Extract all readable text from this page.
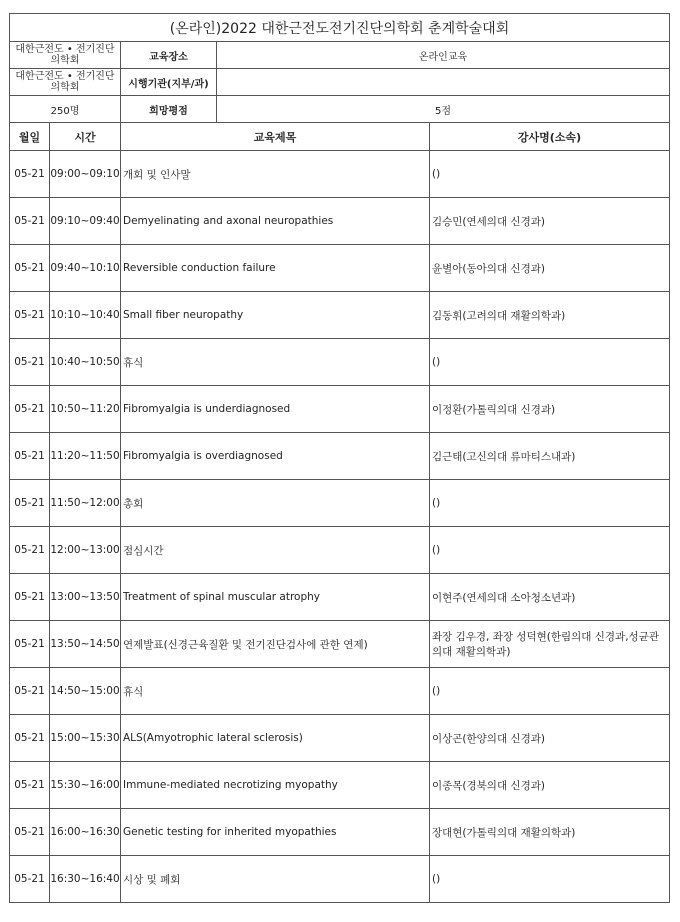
(온라인)2022 대한근전도전기진단의학회 춘계학술대회		
대한근전도 • 전기진단 의학회	교육장소	온라인교육
대한근전도 • 전기진단 의학회	시행기관(지부/과)	
250명	희망평점	5점
월일	시간	교육제목	강사명(소속)
05-21	09:00~09:10	개회 및 인사말	()
05-21	09:10~09:40	Demyelinating and axonal neuropathies	김승민(연세의대 신경과)
05-21	09:40~10:10	Reversible conduction failure	윤별아(동아의대 신경과)
05-21	10:10~10:40	Small fiber neuropathy	김동휘(고려의대 재활의학과)
05-21	10:40~10:50	휴식	()
05-21	10:50~11:20	Fibromyalgia is underdiagnosed	이정환(가톨릭의대 신경과)
05-21	11:20~11:50	Fibromyalgia is overdiagnosed	김근태(고신의대 류마티스내과)
05-21	11:50~12:00	총회	()
05-21	12:00~13:00	점심시간	()
05-21	13:00~13:50	Treatment of spinal muscular atrophy	이현주(연세의대 소아청소년과)
05-21	13:50~14:50	연제발표(신경근육질환 및 전기진단검사에 관한 연제)	좌장 김우경, 좌장 성덕현(한림의대 신경과,성균관의대 재활의학과)
05-21	14:50~15:00	휴식	()
05-21	15:00~15:30	ALS(Amyotrophic lateral sclerosis)	이상곤(한양의대 신경과)
05-21	15:30~16:00	Immune-mediated necrotizing myopathy	이종목(경북의대 신경과)
05-21	16:00~16:30	Genetic testing for inherited myopathies	장대현(가톨릭의대 재활의학과)
05-21	16:30~16:40	시상 및 폐회	()
